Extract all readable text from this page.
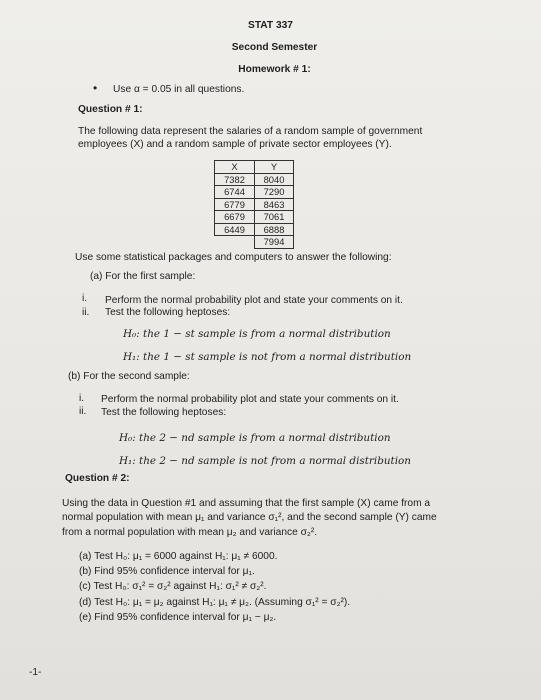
STAT 337
Second Semester
Homework # 1:
• Use α = 0.05 in all questions.
Question # 1:
The following data represent the salaries of a random sample of government
employees (X) and a random sample of private sector employees (Y).
X	Y
7382	8040
6744	7290
6779	8463
6679	7061
6449	6888
	7994
Use some statistical packages and computers to answer the following:
(a) For the first sample:
i. Perform the normal probability plot and state your comments on it.
ii. Test the following heptoses:
H₀: the 1 − st sample is from a normal distribution
H₁: the 1 − st sample is not from a normal distribution
(b) For the second sample:
i. Perform the normal probability plot and state your comments on it.
ii. Test the following heptoses:
H₀: the 2 − nd sample is from a normal distribution
H₁: the 2 − nd sample is not from a normal distribution
Question # 2:
Using the data in Question #1 and assuming that the first sample (X) came from a
normal population with mean μ₁ and variance σ₁², and the second sample (Y) came
from a normal population with mean μ₂ and variance σ₂².
(a) Test H₀: μ₁ = 6000 against H₁: μ₁ ≠ 6000.
(b) Find 95% confidence interval for μ₁.
(c) Test H₀: σ₁² = σ₂² against H₁: σ₁² ≠ σ₂².
(d) Test H₀: μ₁ = μ₂ against H₁: μ₁ ≠ μ₂. (Assuming σ₁² = σ₂²).
(e) Find 95% confidence interval for μ₁ − μ₂.
-1-
